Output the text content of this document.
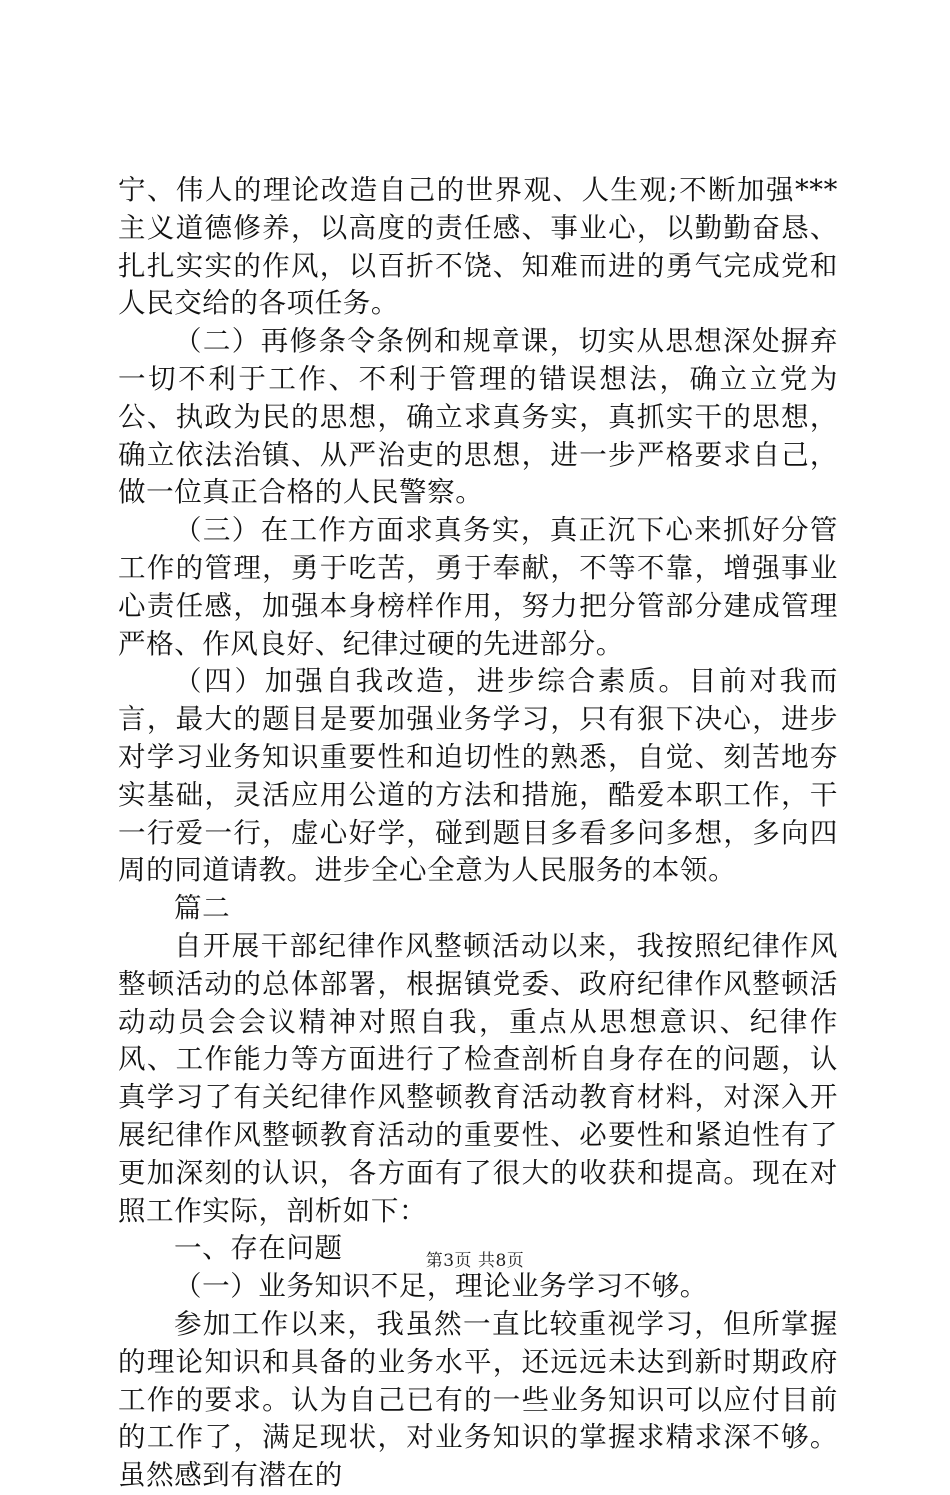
宁、伟人的理论改造自己的世界观、人生观;不断加强***主义道德修养，以高度的责任感、事业心，以勤勤奋恳、扎扎实实的作风，以百折不饶、知难而进的勇气完成党和人民交给的各项任务。

（二）再修条令条例和规章课，切实从思想深处摒弃一切不利于工作、不利于管理的错误想法，确立立党为公、执政为民的思想，确立求真务实，真抓实干的思想，确立依法治镇、从严治吏的思想，进一步严格要求自己，做一位真正合格的人民警察。

（三）在工作方面求真务实，真正沉下心来抓好分管工作的管理，勇于吃苦，勇于奉献，不等不靠，增强事业心责任感，加强本身榜样作用，努力把分管部分建成管理严格、作风良好、纪律过硬的先进部分。

（四）加强自我改造，进步综合素质。目前对我而言，最大的题目是要加强业务学习，只有狠下决心，进步对学习业务知识重要性和迫切性的熟悉，自觉、刻苦地夯实基础，灵活应用公道的方法和措施，酷爱本职工作，干一行爱一行，虚心好学，碰到题目多看多问多想，多向四周的同道请教。进步全心全意为人民服务的本领。

篇二

自开展干部纪律作风整顿活动以来，我按照纪律作风整顿活动的总体部署，根据镇党委、政府纪律作风整顿活动动员会会议精神对照自我，重点从思想意识、纪律作风、工作能力等方面进行了检查剖析自身存在的问题，认真学习了有关纪律作风整顿教育活动教育材料，对深入开展纪律作风整顿教育活动的重要性、必要性和紧迫性有了更加深刻的认识，各方面有了很大的收获和提高。现在对照工作实际，剖析如下：

一、存在问题

（一）业务知识不足，理论业务学习不够。

参加工作以来，我虽然一直比较重视学习，但所掌握的理论知识和具备的业务水平，还远远未达到新时期政府工作的要求。认为自己已有的一些业务知识可以应付目前的工作了，满足现状，对业务知识的掌握求精求深不够。虽然感到有潜在的

第3页 共8页
